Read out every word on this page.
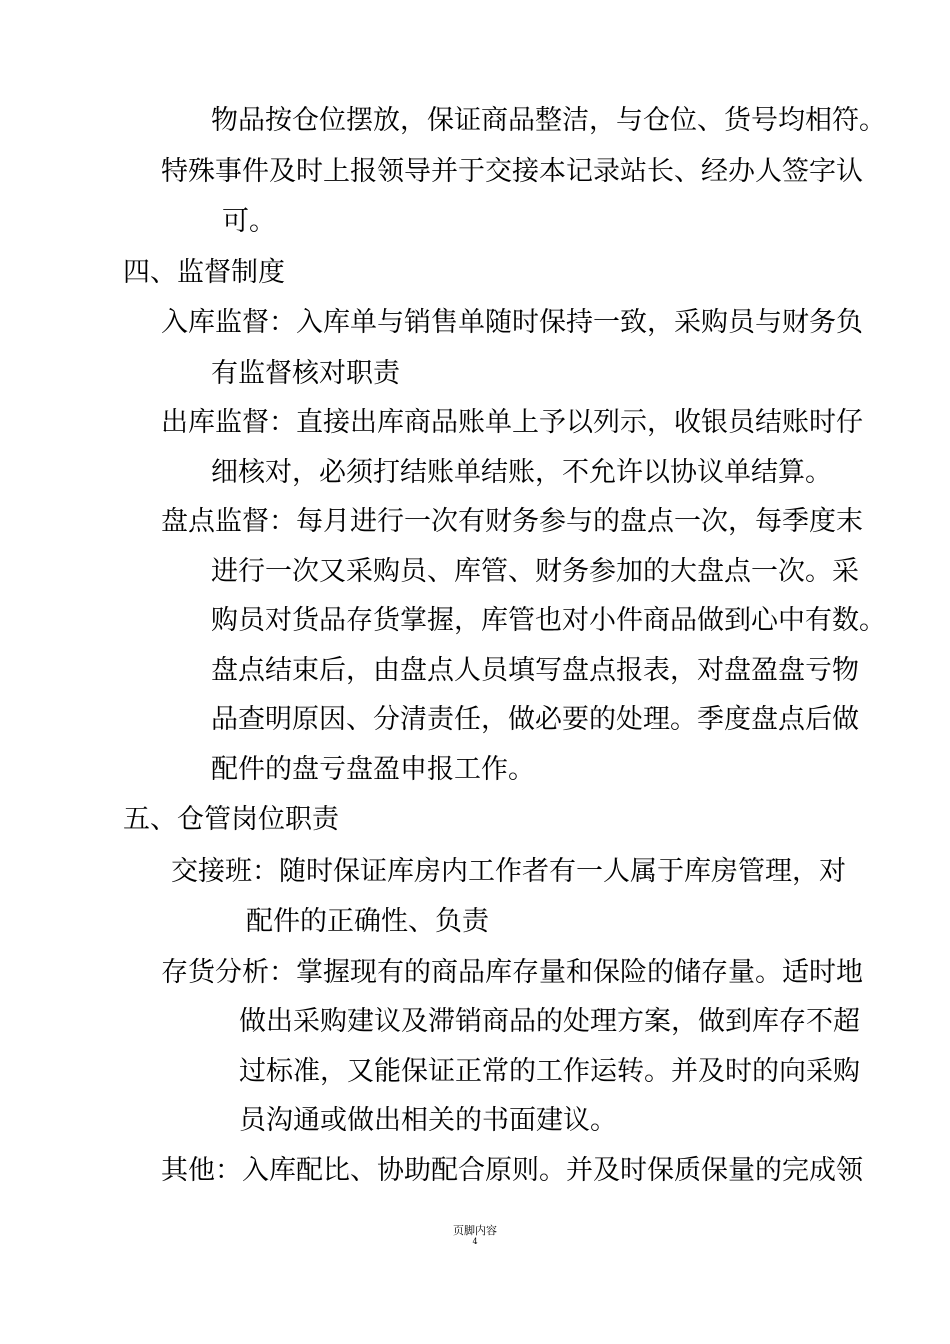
物品按仓位摆放，保证商品整洁，与仓位、货号均相符。
特殊事件及时上报领导并于交接本记录站长、经办人签字认
可。
四、监督制度
入库监督：入库单与销售单随时保持一致，采购员与财务负
有监督核对职责
出库监督：直接出库商品账单上予以列示，收银员结账时仔
细核对，必须打结账单结账，不允许以协议单结算。
盘点监督：每月进行一次有财务参与的盘点一次，每季度末
进行一次又采购员、库管、财务参加的大盘点一次。采
购员对货品存货掌握，库管也对小件商品做到心中有数。
盘点结束后，由盘点人员填写盘点报表，对盘盈盘亏物
品查明原因、分清责任，做必要的处理。季度盘点后做
配件的盘亏盘盈申报工作。
五、仓管岗位职责
交接班：随时保证库房内工作者有一人属于库房管理，对
配件的正确性、负责
存货分析：掌握现有的商品库存量和保险的储存量。适时地
做出采购建议及滞销商品的处理方案，做到库存不超
过标准，又能保证正常的工作运转。并及时的向采购
员沟通或做出相关的书面建议。
其他：入库配比、协助配合原则。并及时保质保量的完成领
页脚内容
4
